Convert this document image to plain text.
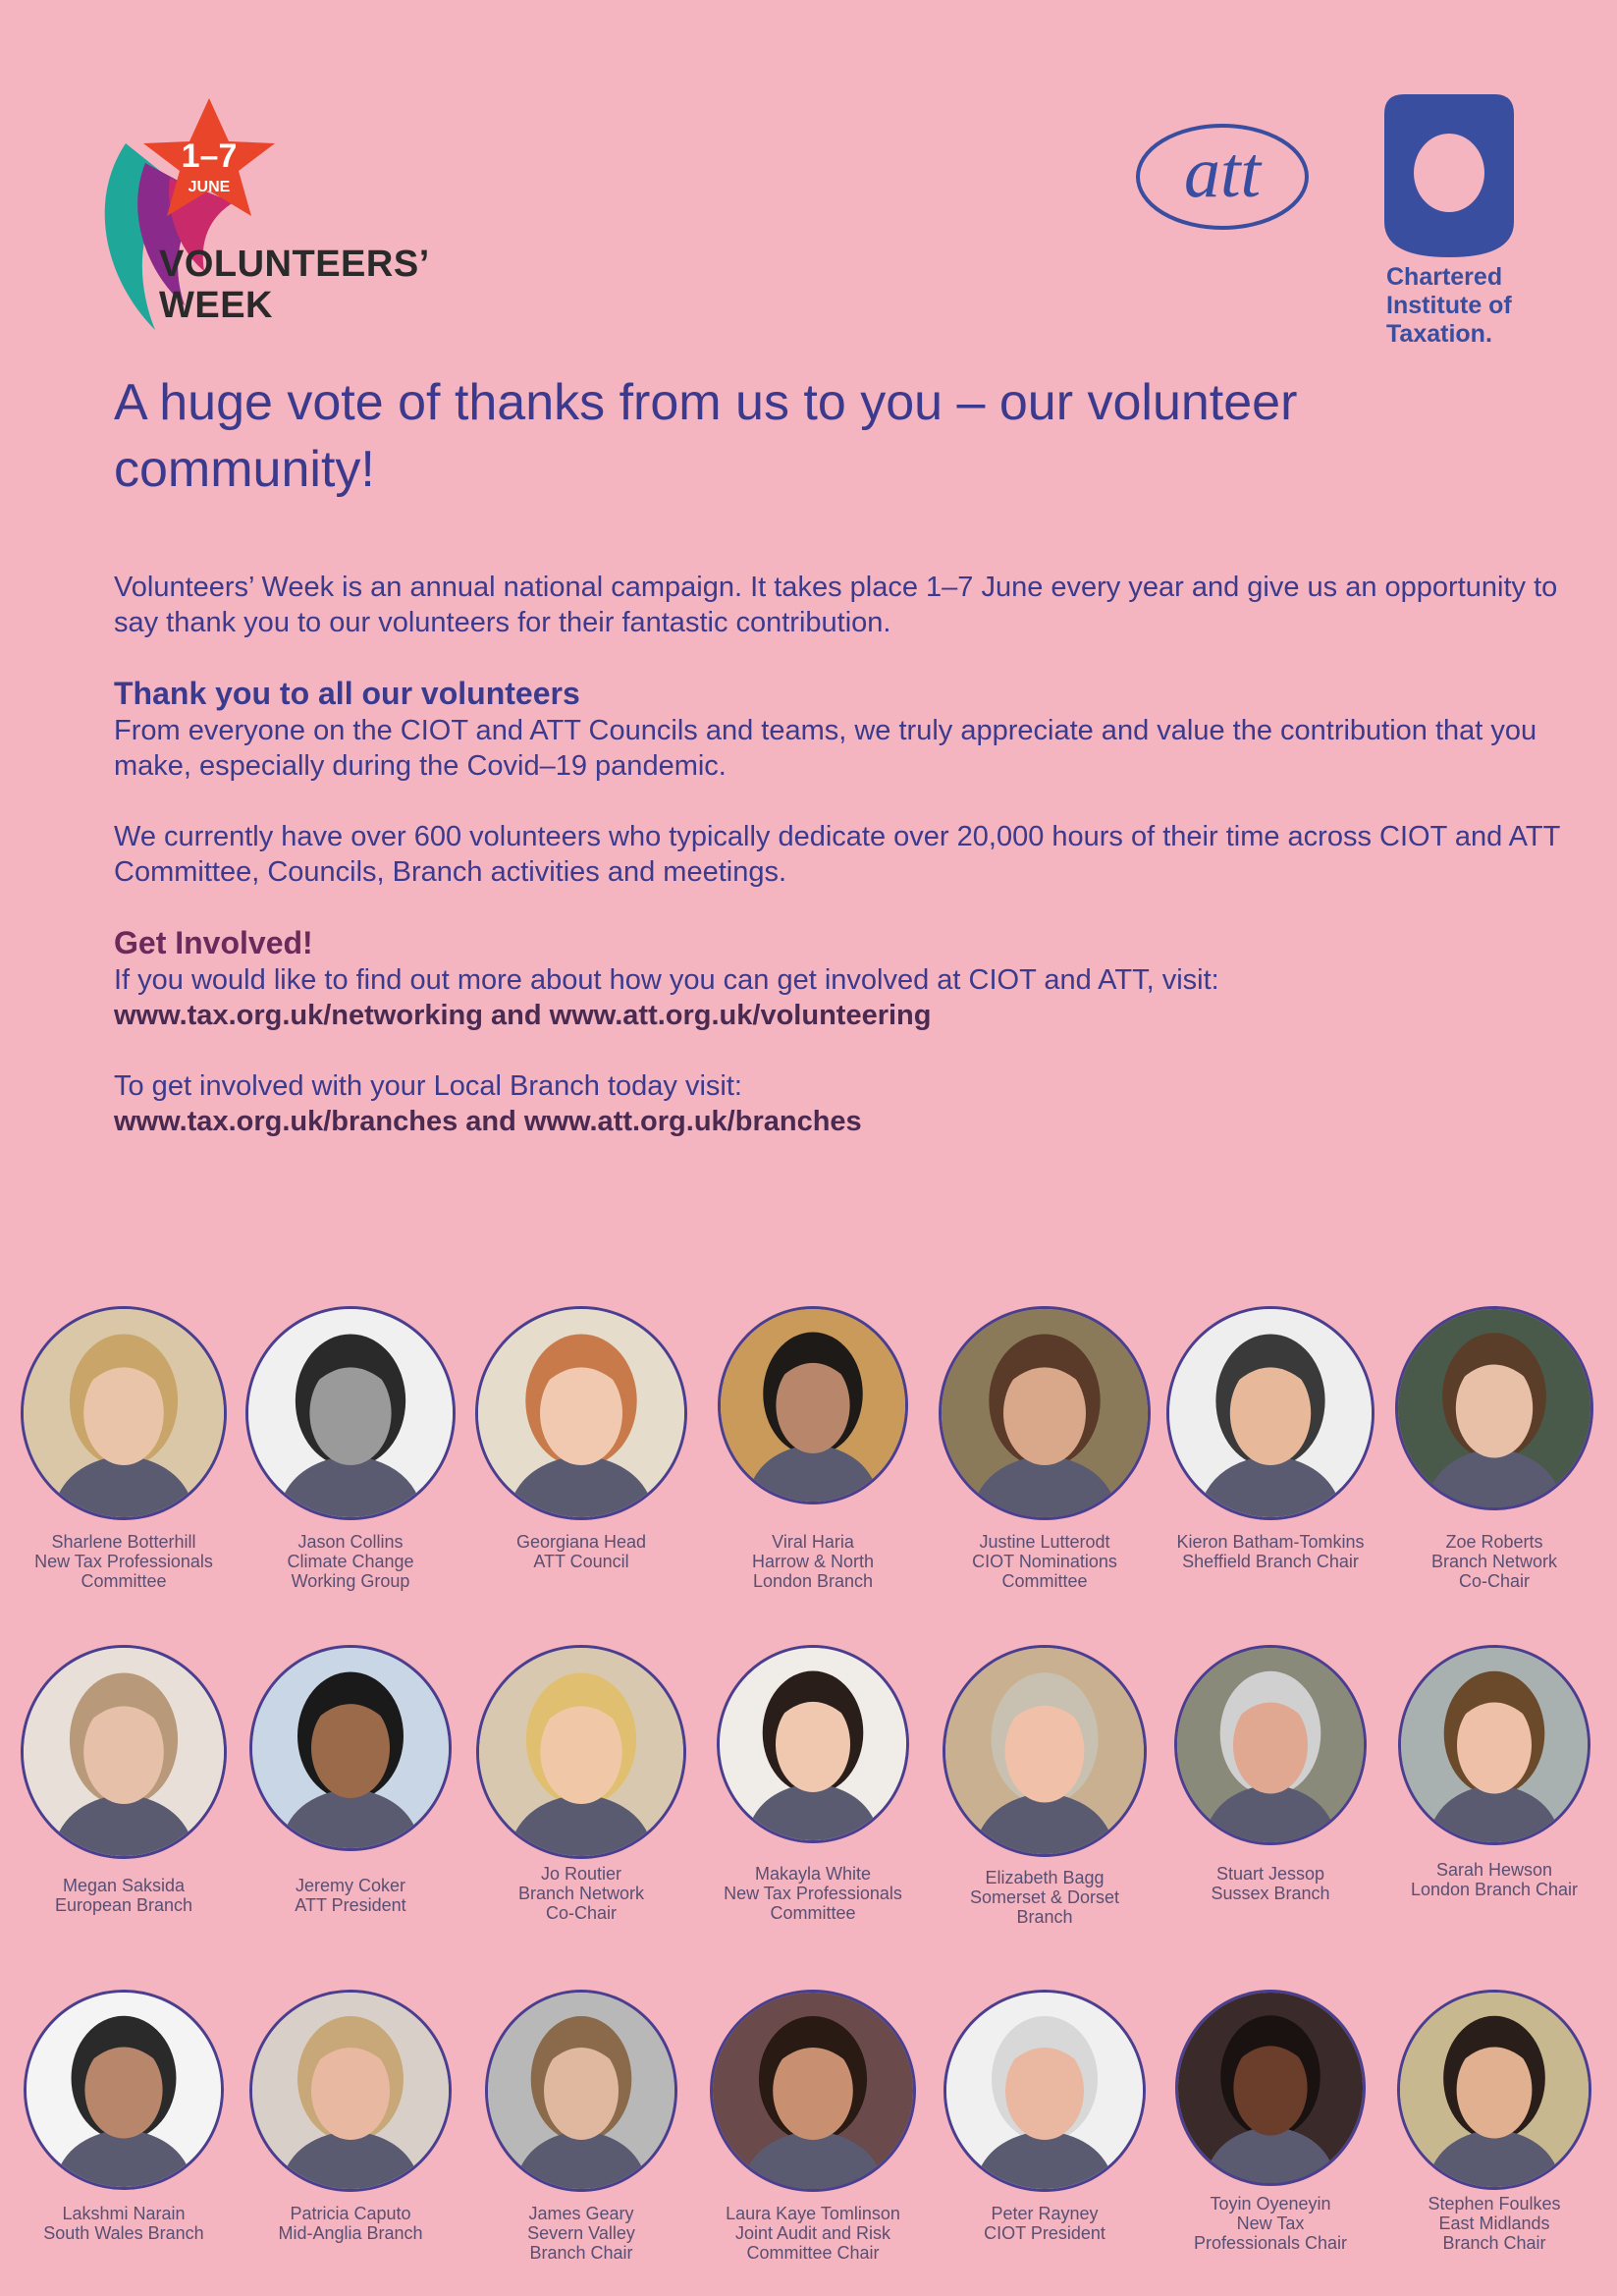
1–7
JUNE
VOLUNTEERS’
WEEK
att
Chartered
Institute of
Taxation.
A huge vote of thanks from us to you – our volunteer community!

Volunteers’ Week is an annual national campaign. It takes place 1–7 June every year and give us an opportunity to say thank you to our volunteers for their fantastic contribution.

Thank you to all our volunteers

From everyone on the CIOT and ATT Councils and teams, we truly appreciate and value the contribution that you make, especially during the Covid–19 pandemic.

We currently have over 600 volunteers who typically dedicate over 20,000 hours of their time across CIOT and ATT Committee, Councils, Branch activities and meetings.

Get Involved!

If you would like to find out more about how you can get involved at CIOT and ATT, visit:

www.tax.org.uk/networking and www.att.org.uk/volunteering

To get involved with your Local Branch today visit:

www.tax.org.uk/branches and www.att.org.uk/branches

Sharlene Botterhill
New Tax Professionals
Committee
Jason Collins
Climate Change
Working Group
Georgiana Head
ATT Council
Viral Haria
Harrow & North
London Branch
Justine Lutterodt
CIOT Nominations
Committee
Kieron Batham-Tomkins
Sheffield Branch Chair
Zoe Roberts
Branch Network
Co-Chair
Megan Saksida
European Branch
Jeremy Coker
ATT President
Jo Routier
Branch Network
Co-Chair
Makayla White
New Tax Professionals
Committee
Elizabeth Bagg
Somerset & Dorset
Branch
Stuart Jessop
Sussex Branch
Sarah Hewson
London Branch Chair
Lakshmi Narain
South Wales Branch
Patricia Caputo
Mid-Anglia Branch
James Geary
Severn Valley
Branch Chair
Laura Kaye Tomlinson
Joint Audit and Risk
Committee Chair
Peter Rayney
CIOT President
Toyin Oyeneyin
New Tax
Professionals Chair
Stephen Foulkes
East Midlands
Branch Chair
